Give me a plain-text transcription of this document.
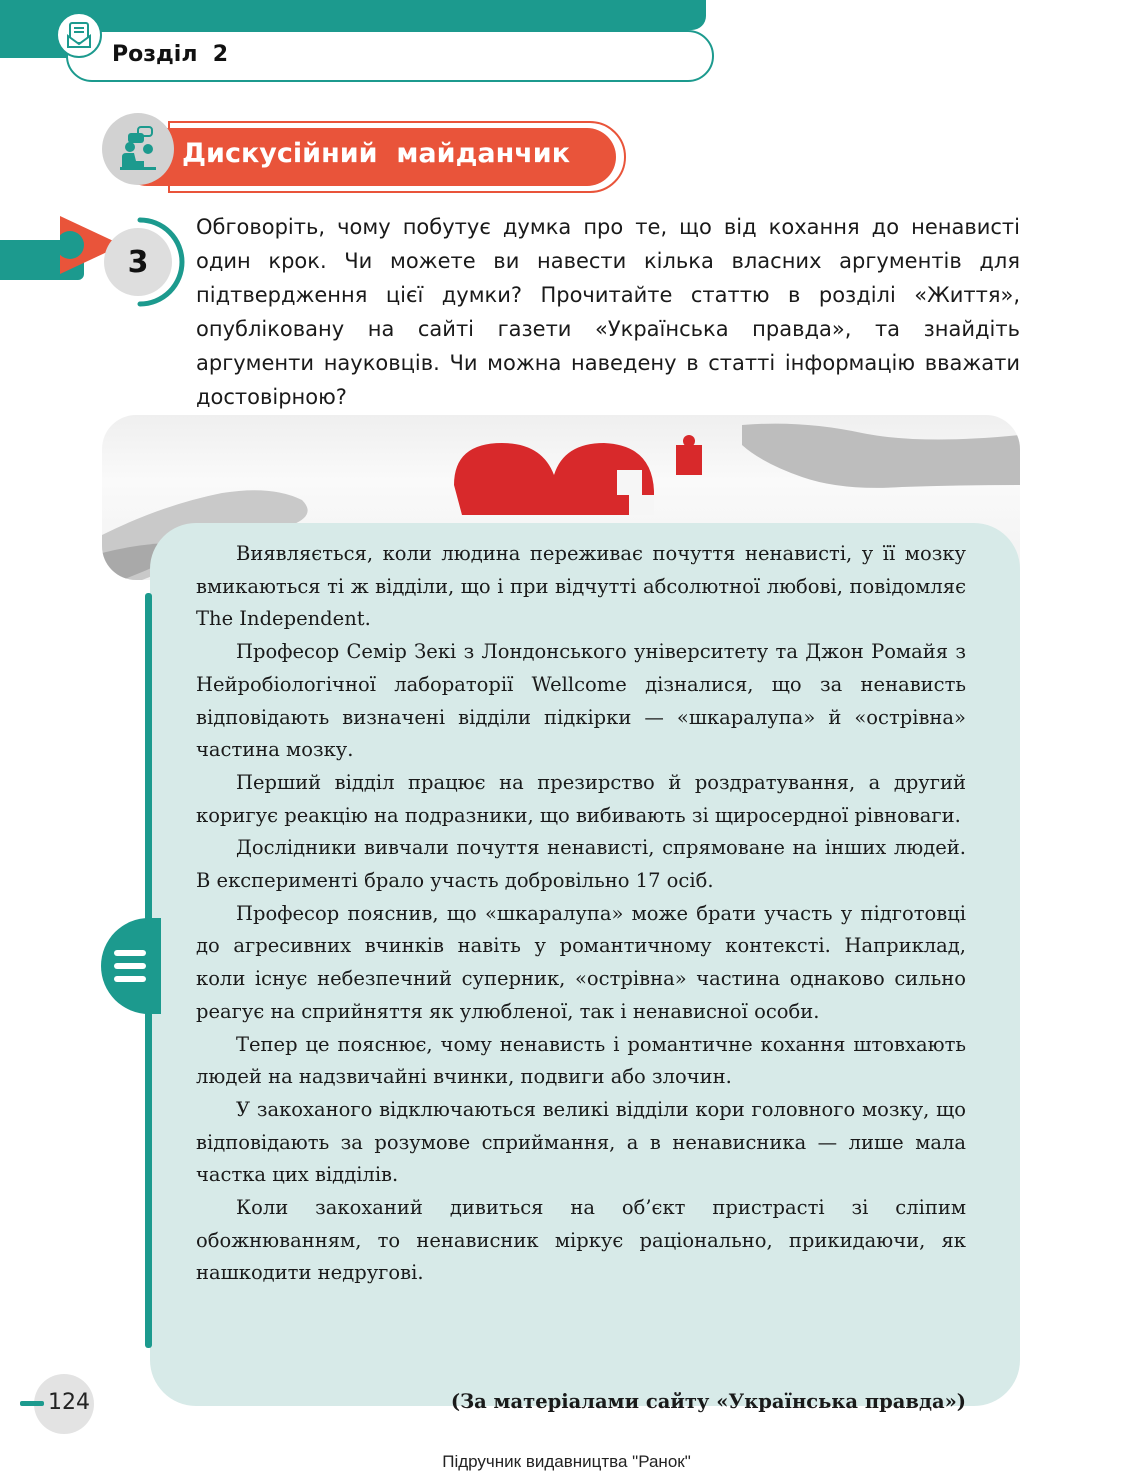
Розділ  2
Дискусійний  майданчик
3
Обговоріть, чому побутує думка про те, що від кохання до ненависті один крок. Чи можете ви навести кілька власних аргументів для підтвердження цієї думки? Прочитайте статтю в розділі «Життя», опубліковану на сайті газети «Українська правда», та знайдіть аргументи науковців. Чи можна наведену в статті інформацію вважати достовірною?

Виявляється, коли людина переживає почуття ненависті, у її мозку вмикаються ті ж відділи, що і при відчутті абсолютної любові, повідомляє The Independent.

Професор Семір Зекі з Лондонського університету та Джон Ромайя з Нейробіологічної лабораторії Wellcome дізналися, що за ненависть відповідають визначені відділи підкірки — «шкаралупа» й «острівна» частина мозку.

Перший відділ працює на презирство й роздратування, а другий коригує реакцію на подразники, що вибивають зі щиросердної рівноваги.

Дослідники вивчали почуття ненависті, спрямоване на інших людей. В експерименті брало участь добровільно 17 осіб.

Професор пояснив, що «шкаралупа» може брати участь у підготовці до агресивних вчинків навіть у романтичному контексті. Наприклад, коли існує небезпечний суперник, «острівна» частина однаково сильно реагує на сприйняття як улюбленої, так і ненависної особи.

Тепер це пояснює, чому ненависть і романтичне кохання штовхають людей на надзвичайні вчинки, подвиги або злочин.

У закоханого відключаються великі відділи кори головного мозку, що відповідають за розумове сприймання, а в ненависника — лише мала частка цих відділів.

Коли закоханий дивиться на об’єкт пристрасті зі сліпим обожнюванням, то ненависник міркує раціонально, прикидаючи, як нашкодити недругові.

(За матеріалами сайту «Українська правда»)
124
Підручник видавництва "Ранок"
